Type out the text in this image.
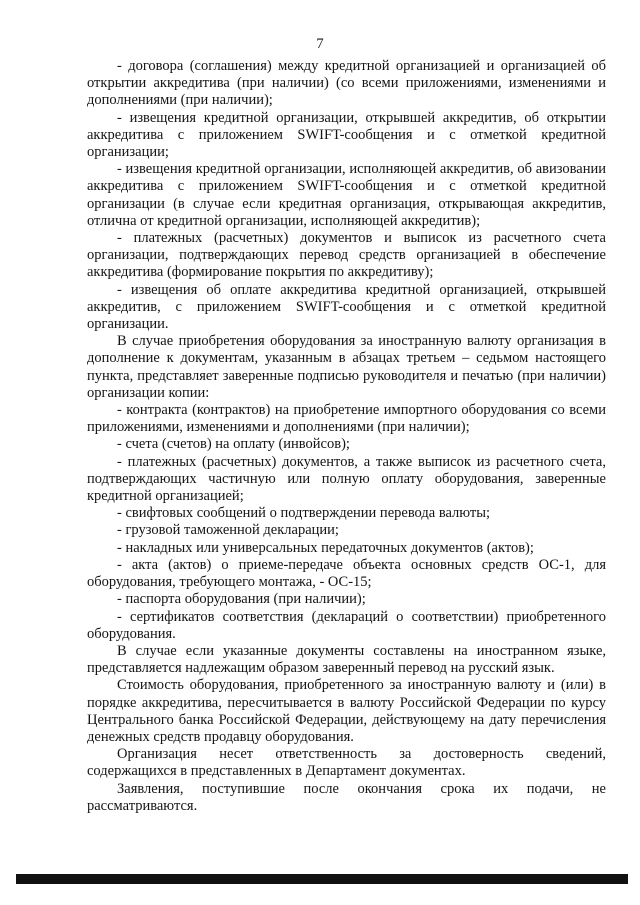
7

- договора (соглашения) между кредитной организацией и организацией об открытии аккредитива (при наличии) (со всеми приложениями, изменениями и дополнениями (при наличии);

- извещения кредитной организации, открывшей аккредитив, об открытии аккредитива с приложением SWIFT-сообщения и с отметкой кредитной организации;

- извещения кредитной организации, исполняющей аккредитив, об авизовании аккредитива с приложением SWIFT-сообщения и с отметкой кредитной организации (в случае если кредитная организация, открывающая аккредитив, отлична от кредитной организации, исполняющей аккредитив);

- платежных (расчетных) документов и выписок из расчетного счета организации, подтверждающих перевод средств организацией в обеспечение аккредитива (формирование покрытия по аккредитиву);

- извещения об оплате аккредитива кредитной организацией, открывшей аккредитив, с приложением SWIFT-сообщения и с отметкой кредитной организации.

В случае приобретения оборудования за иностранную валюту организация в дополнение к документам, указанным в абзацах третьем – седьмом настоящего пункта, представляет заверенные подписью руководителя и печатью (при наличии) организации копии:

- контракта (контрактов) на приобретение импортного оборудования со всеми приложениями, изменениями и дополнениями (при наличии);

- счета (счетов) на оплату (инвойсов);

- платежных (расчетных) документов, а также выписок из расчетного счета, подтверждающих частичную или полную оплату оборудования, заверенные кредитной организацией;

- свифтовых сообщений о подтверждении перевода валюты;

- грузовой таможенной декларации;

- накладных или универсальных передаточных документов (актов);

- акта (актов) о приеме-передаче объекта основных средств ОС-1, для оборудования, требующего монтажа, - ОС-15;

- паспорта оборудования (при наличии);

- сертификатов соответствия (деклараций о соответствии) приобретенного оборудования.

В случае если указанные документы составлены на иностранном языке, представляется надлежащим образом заверенный перевод на русский язык.

Стоимость оборудования, приобретенного за иностранную валюту и (или) в порядке аккредитива, пересчитывается в валюту Российской Федерации по курсу Центрального банка Российской Федерации, действующему на дату перечисления денежных средств продавцу оборудования.

Организация несет ответственность за достоверность сведений, содержащихся в представленных в Департамент документах.

Заявления, поступившие после окончания срока их подачи, не рассматриваются.
